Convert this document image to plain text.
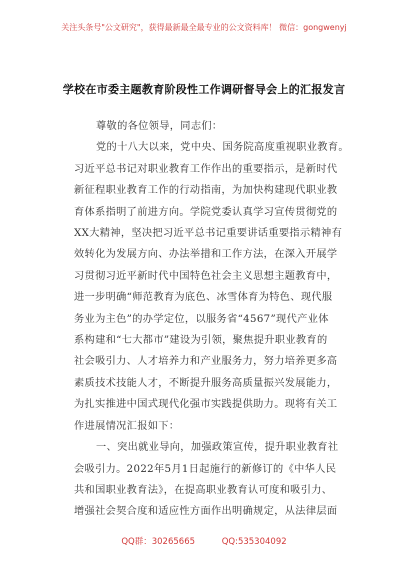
关注头条号"公文研究"，获得最新最全最专业的公文资料库！ 微信：gongwenyj
学校在市委主题教育阶段性工作调研督导会上的汇报发言
尊敬的各位领导，同志们：
党的十八大以来，党中央、国务院高度重视职业教育。
习近平总书记对职业教育工作作出的重要指示，是新时代
新征程职业教育工作的行动指南，为加快构建现代职业教
育体系指明了前进方向。学院党委认真学习宣传贯彻党的
XX大精神，坚决把习近平总书记重要讲话重要指示精神有
效转化为发展方向、办法举措和工作方法，在深入开展学
习贯彻习近平新时代中国特色社会主义思想主题教育中，
进一步明确“师范教育为底色、冰雪体育为特色、现代服
务业为主色”的办学定位，以服务省“4567”现代产业体
系构建和“七大都市”建设为引领，聚焦提升职业教育的
社会吸引力、人才培养力和产业服务力，努力培养更多高
素质技术技能人才，不断提升服务高质量振兴发展能力，
为扎实推进中国式现代化强市实践提供助力。现将有关工
作进展情况汇报如下：
一、突出就业导向，加强政策宣传，提升职业教育社
会吸引力。2022年5月1日起施行的新修订的《中华人民
共和国职业教育法》，在提高职业教育认可度和吸引力、
增强社会契合度和适应性方面作出明确规定，从法律层面
QQ群：30265665	QQ:535304092
